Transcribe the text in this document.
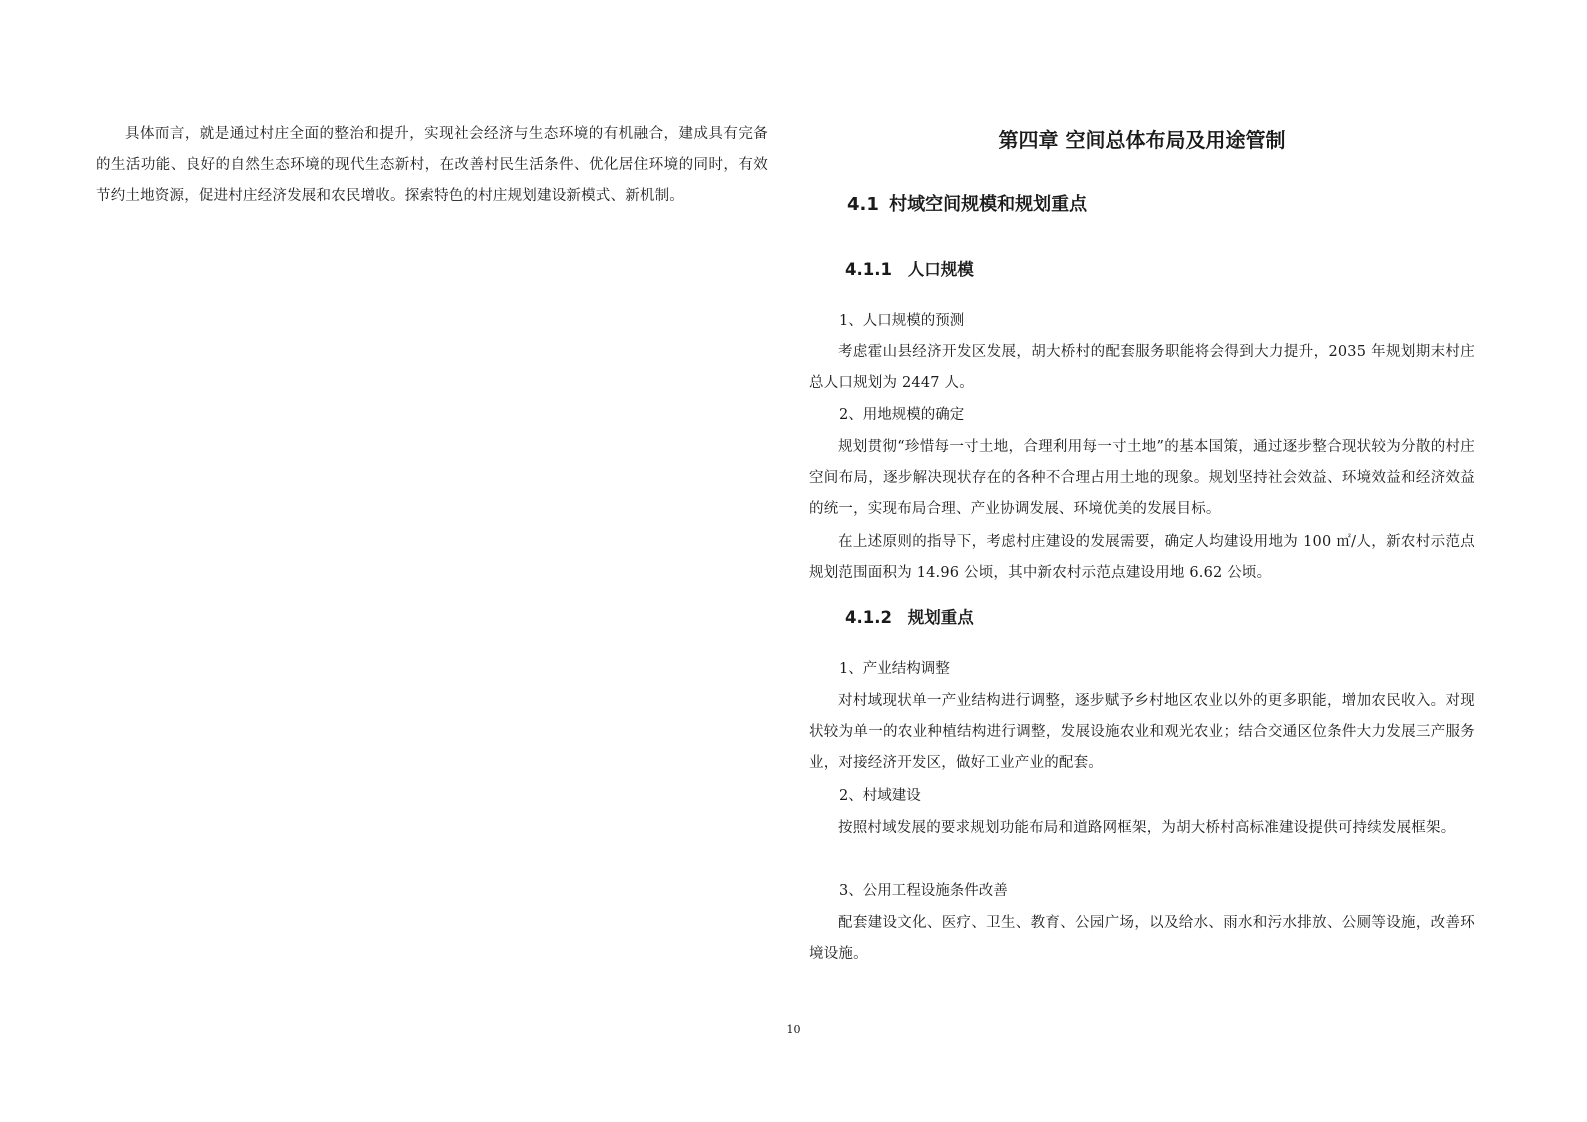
具体而言，就是通过村庄全面的整治和提升，实现社会经济与生态环境的有机融合，建成具有完备的生活功能、良好的自然生态环境的现代生态新村，在改善村民生活条件、优化居住环境的同时，有效节约土地资源，促进村庄经济发展和农民增收。探索特色的村庄规划建设新模式、新机制。

第四章 空间总体布局及用途管制
4.1 村域空间规模和规划重点
4.1.1 人口规模

1、人口规模的预测

考虑霍山县经济开发区发展，胡大桥村的配套服务职能将会得到大力提升，2035 年规划期末村庄总人口规划为 2447 人。

2、用地规模的确定

规划贯彻“珍惜每一寸土地，合理利用每一寸土地”的基本国策，通过逐步整合现状较为分散的村庄空间布局，逐步解决现状存在的各种不合理占用土地的现象。规划坚持社会效益、环境效益和经济效益的统一，实现布局合理、产业协调发展、环境优美的发展目标。

在上述原则的指导下，考虑村庄建设的发展需要，确定人均建设用地为 100 ㎡/人，新农村示范点规划范围面积为 14.96 公顷，其中新农村示范点建设用地 6.62 公顷。

4.1.2 规划重点

1、产业结构调整

对村域现状单一产业结构进行调整，逐步赋予乡村地区农业以外的更多职能，增加农民收入。对现状较为单一的农业种植结构进行调整，发展设施农业和观光农业；结合交通区位条件大力发展三产服务业，对接经济开发区，做好工业产业的配套。

2、村域建设

按照村域发展的要求规划功能布局和道路网框架，为胡大桥村高标准建设提供可持续发展框架。

3、公用工程设施条件改善

配套建设文化、医疗、卫生、教育、公园广场，以及给水、雨水和污水排放、公厕等设施，改善环境设施。

10
